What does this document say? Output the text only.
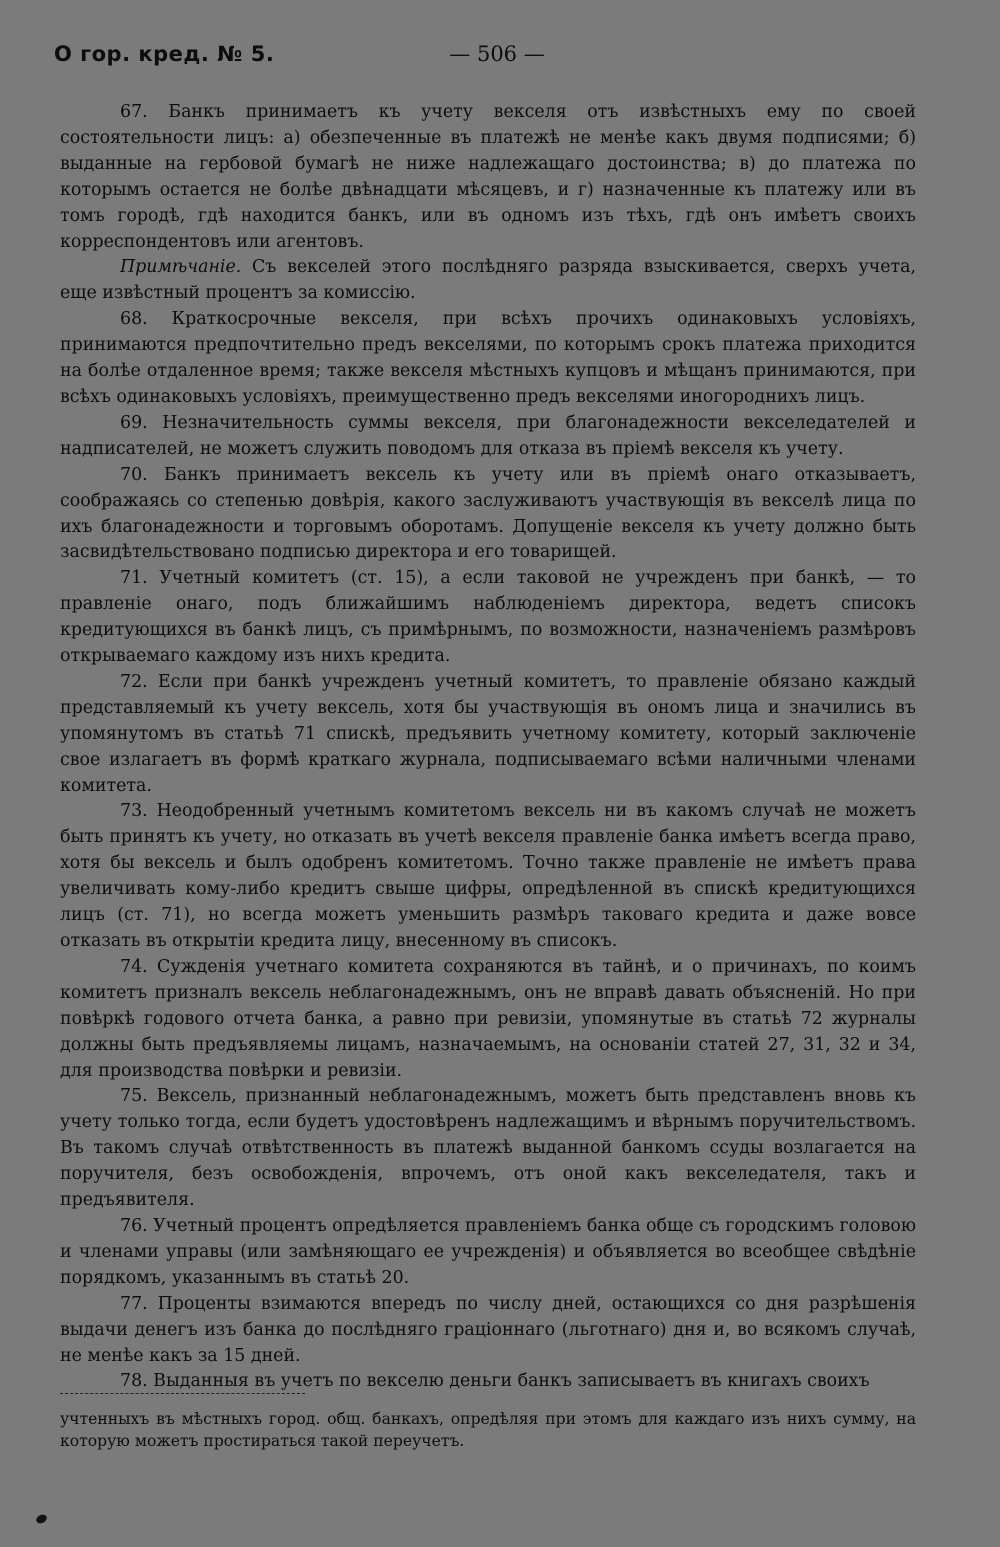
О гор. кред. № 5.	— 506 —

67. Банкъ принимаетъ къ учету векселя отъ извѣстныхъ ему по своей состоятельности лицъ: а) обезпеченные въ платежѣ не менѣе какъ двумя подписями; б) выданные на гербовой бумагѣ не ниже надлежащаго достоинства; в) до платежа по которымъ остается не болѣе двѣнадцати мѣсяцевъ, и г) назначенные къ платежу или въ томъ городѣ, гдѣ находится банкъ, или въ одномъ изъ тѣхъ, гдѣ онъ имѣетъ своихъ корреспондентовъ или агентовъ.

Примѣчаніе. Съ векселей этого послѣдняго разряда взыскивается, сверхъ учета, еще извѣстный процентъ за комиссію.

68. Краткосрочные векселя, при всѣхъ прочихъ одинаковыхъ условіяхъ, принимаются предпочтительно предъ векселями, по которымъ срокъ платежа приходится на болѣе отдаленное время; также векселя мѣстныхъ купцовъ и мѣщанъ принимаются, при всѣхъ одинаковыхъ условіяхъ, преимущественно предъ векселями иногороднихъ лицъ.

69. Незначительность суммы векселя, при благонадежности векселедателей и надписателей, не можетъ служить поводомъ для отказа въ пріемѣ векселя къ учету.

70. Банкъ принимаетъ вексель къ учету или въ пріемѣ онаго отказываетъ, соображаясь со степенью довѣрія, какого заслуживаютъ участвующія въ векселѣ лица по ихъ благонадежности и торговымъ оборотамъ. Допущеніе векселя къ учету должно быть засвидѣтельствовано подписью директора и его товарищей.

71. Учетный комитетъ (ст. 15), а если таковой не учрежденъ при банкѣ, — то правленіе онаго, подъ ближайшимъ наблюденіемъ директора, ведетъ списокъ кредитующихся въ банкѣ лицъ, съ примѣрнымъ, по возможности, назначеніемъ размѣровъ открываемаго каждому изъ нихъ кредита.

72. Если при банкѣ учрежденъ учетный комитетъ, то правленіе обязано каждый представляемый къ учету вексель, хотя бы участвующія въ ономъ лица и значились въ упомянутомъ въ статьѣ 71 спискѣ, предъявить учетному комитету, который заключеніе свое излагаетъ въ формѣ краткаго журнала, подписываемаго всѣми наличными членами комитета.

73. Неодобренный учетнымъ комитетомъ вексель ни въ какомъ случаѣ не можетъ быть принятъ къ учету, но отказать въ учетѣ векселя правленіе банка имѣетъ всегда право, хотя бы вексель и былъ одобренъ комитетомъ. Точно также правленіе не имѣетъ права увеличивать кому-либо кредитъ свыше цифры, опредѣленной въ спискѣ кредитующихся лицъ (ст. 71), но всегда можетъ уменьшить размѣръ таковаго кредита и даже вовсе отказать въ открытіи кредита лицу, внесенному въ списокъ.

74. Сужденія учетнаго комитета сохраняются въ тайнѣ, и о причинахъ, по коимъ комитетъ призналъ вексель неблагонадежнымъ, онъ не вправѣ давать объясненій. Но при повѣркѣ годового отчета банка, а равно при ревизіи, упомянутые въ статьѣ 72 журналы должны быть предъявляемы лицамъ, назначаемымъ, на основаніи статей 27, 31, 32 и 34, для производства повѣрки и ревизіи.

75. Вексель, признанный неблагонадежнымъ, можетъ быть представленъ вновь къ учету только тогда, если будетъ удостовѣренъ надлежащимъ и вѣрнымъ поручительствомъ. Въ такомъ случаѣ отвѣтственность въ платежѣ выданной банкомъ ссуды возлагается на поручителя, безъ освобожденія, впрочемъ, отъ оной какъ векселедателя, такъ и предъявителя.

76. Учетный процентъ опредѣляется правленіемъ банка обще съ городскимъ головою и членами управы (или замѣняющаго ее учрежденія) и объявляется во всеобщее свѣдѣніе порядкомъ, указаннымъ въ статьѣ 20.

77. Проценты взимаются впередъ по числу дней, остающихся со дня разрѣшенія выдачи денегъ изъ банка до послѣдняго граціоннаго (льготнаго) дня и, во всякомъ случаѣ, не менѣе какъ за 15 дней.

78. Выданныя въ учетъ по векселю деньги банкъ записываетъ въ книгахъ своихъ

учтенныхъ въ мѣстныхъ город. общ. банкахъ, опредѣляя при этомъ для каждаго изъ нихъ сумму, на которую можетъ простираться такой переучетъ.
